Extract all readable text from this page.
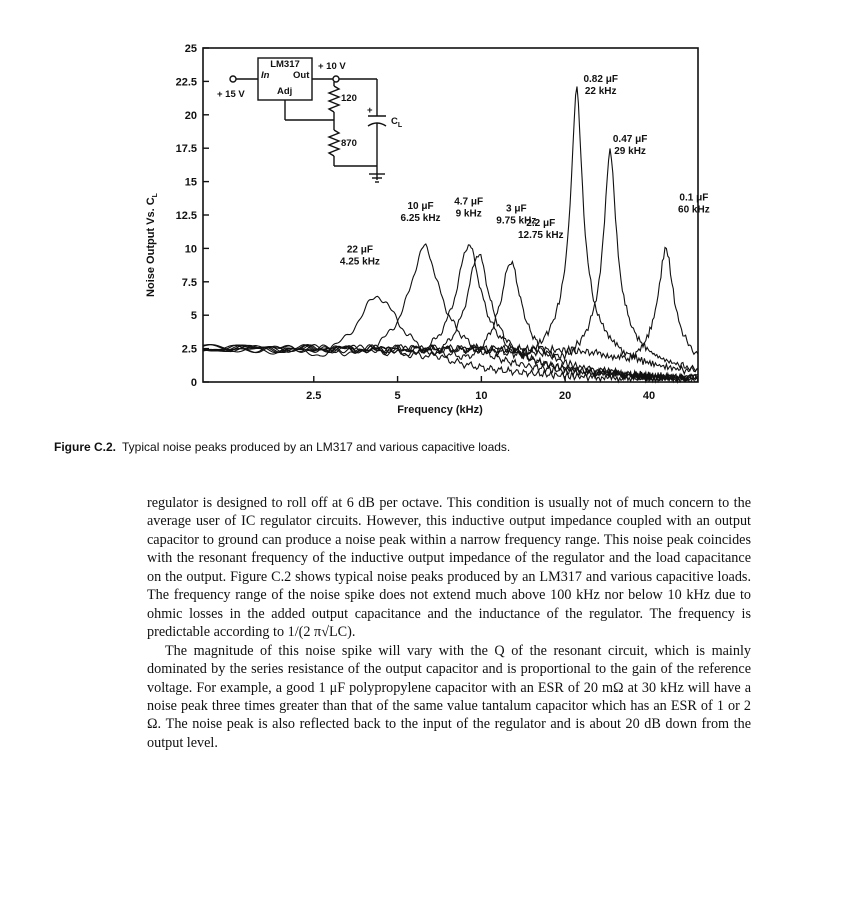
0
2.5
5
7.5
10
12.5
15
17.5
20
22.5
25
2.5	5	10	20	40
22 μF
4.25 kHz
10 μF
6.25 kHz
4.7 μF
9 kHz 3 μF
9.75 kHz
2.2 μF
12.75 kHz
0.82 μF
22 kHz
0.47 μF
29 kHz
0.1 μF
60 kHz
Frequency (kHz)
Noise Output Vs. $C_L$
LM317
In Out
Adj
+ 15 V
+ 10 V
120
870
+
$C_L$
Figure C.2. Typical noise peaks produced by an LM317 and various capacitive loads.

regulator is designed to roll off at 6 dB per octave. This condition is usually not of much concern to the average user of IC regulator circuits. However, this inductive output impedance coupled with an output capacitor to ground can produce a noise peak within a narrow frequency range. This noise peak coincides with the resonant frequency of the inductive output impedance of the regulator and the load capacitance on the output. Figure C.2 shows typical noise peaks produced by an LM317 and various capacitive loads. The frequency range of the noise spike does not extend much above 100 kHz nor below 10 kHz due to ohmic losses in the added output capacitance and the inductance of the regulator. The frequency is predictable according to 1/(2 π√LC).

The magnitude of this noise spike will vary with the Q of the resonant circuit, which is mainly dominated by the series resistance of the output capacitor and is proportional to the gain of the reference voltage. For example, a good 1 μF polypropylene capacitor with an ESR of 20 mΩ at 30 kHz will have a noise peak three times greater than that of the same value tantalum capacitor which has an ESR of 1 or 2 Ω. The noise peak is also reflected back to the input of the regulator and is about 20 dB down from the output level.
